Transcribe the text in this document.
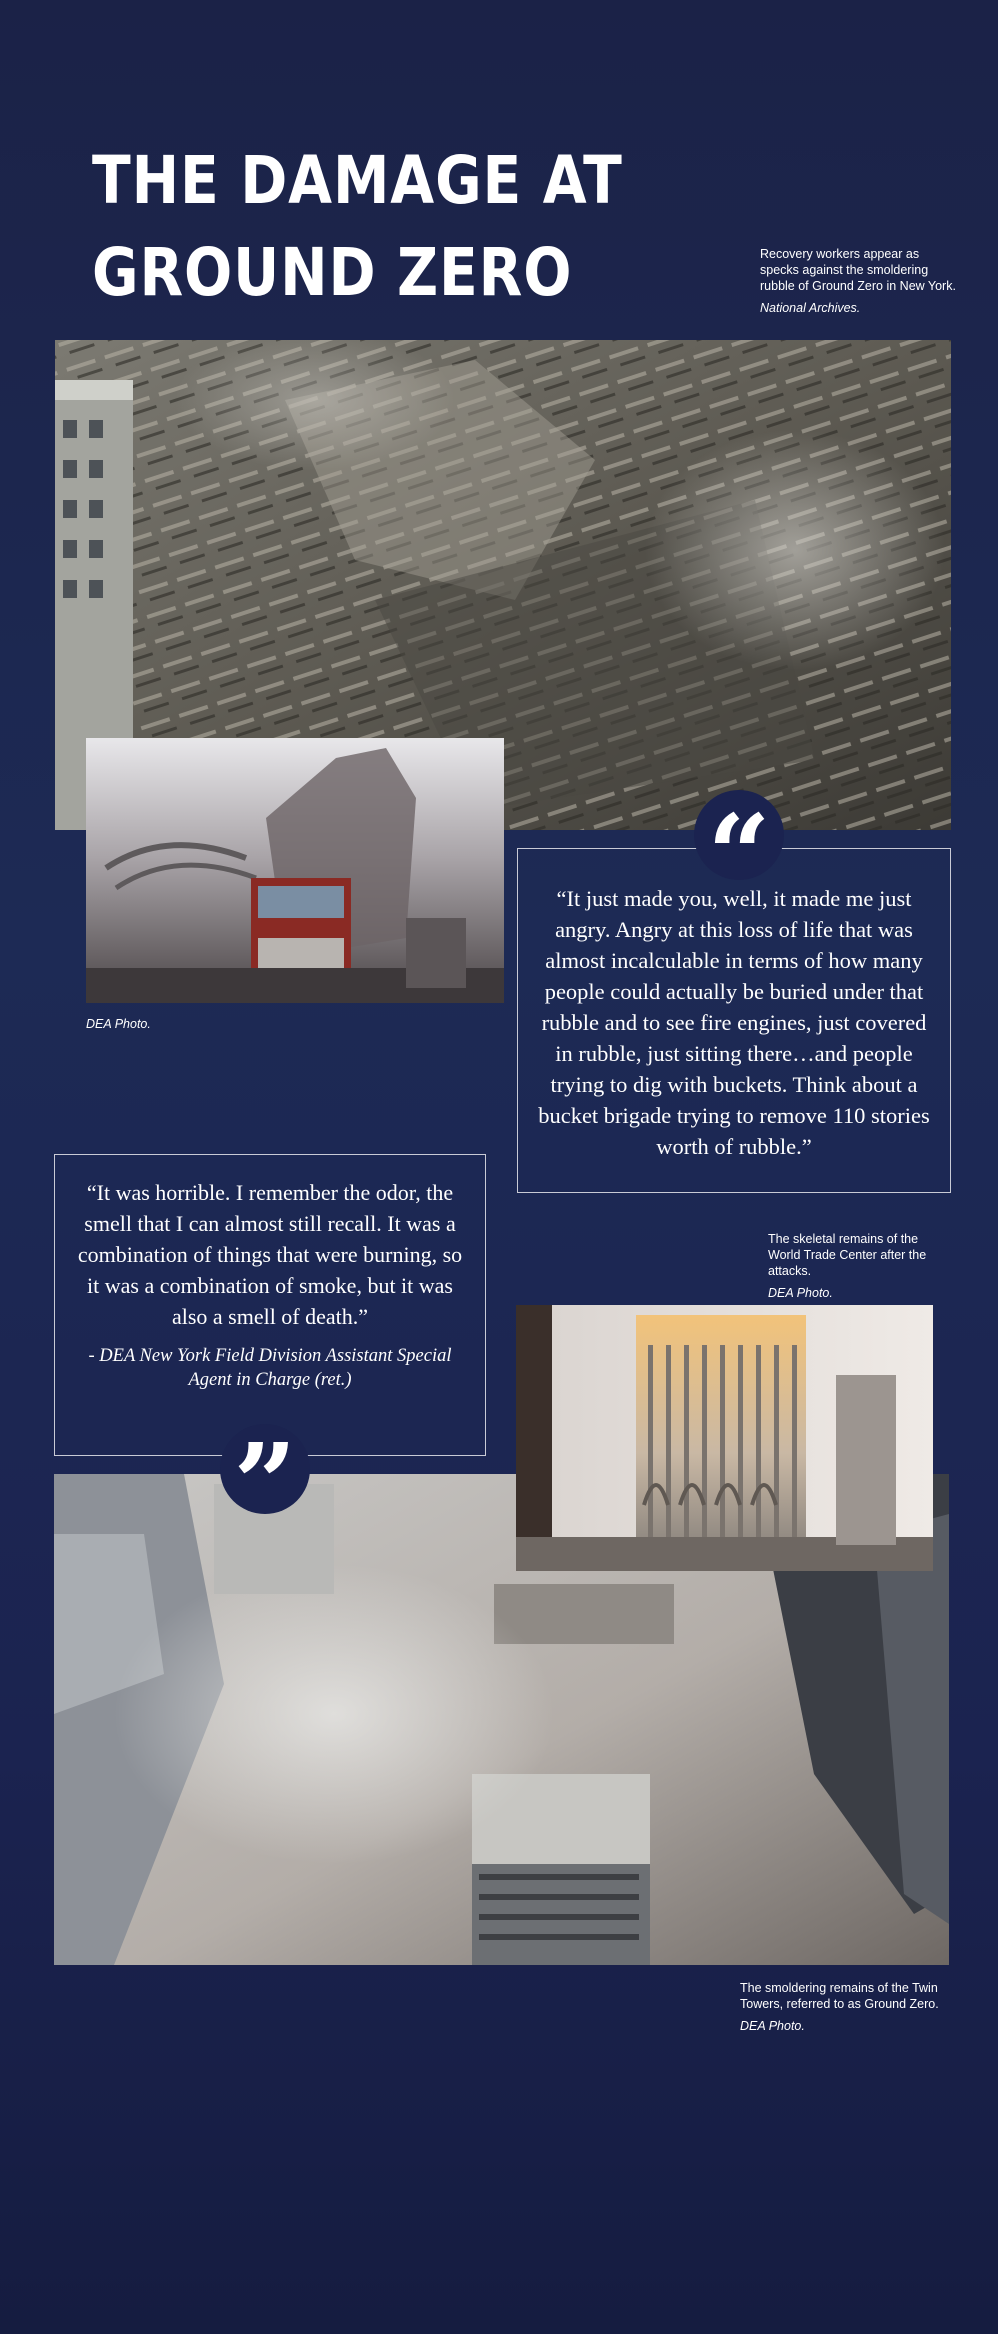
THE DAMAGE AT
GROUND ZERO	Recovery workers appear as specks against the smoldering rubble of Ground Zero in New York.
National Archives.
DEA Photo.

“It just made you, well, it made me just angry. Angry at this loss of life that was almost incalculable in terms of how many people could actually be buried under that rubble and to see fire engines, just covered in rubble, just sitting there…and people trying to dig with buckets. Think about a bucket brigade trying to remove 110 stories worth of rubble.”

“

“It was horrible. I remember the odor, the smell that I can almost still recall. It was a combination of things that were burning, so it was a combination of smoke, but it was also a smell of death.”

- DEA New York Field Division Assistant Special Agent in Charge (ret.)

The skeletal remains of the World Trade Center after the attacks.
DEA Photo.
”
The smoldering remains of the Twin Towers, referred to as Ground Zero.
DEA Photo.
